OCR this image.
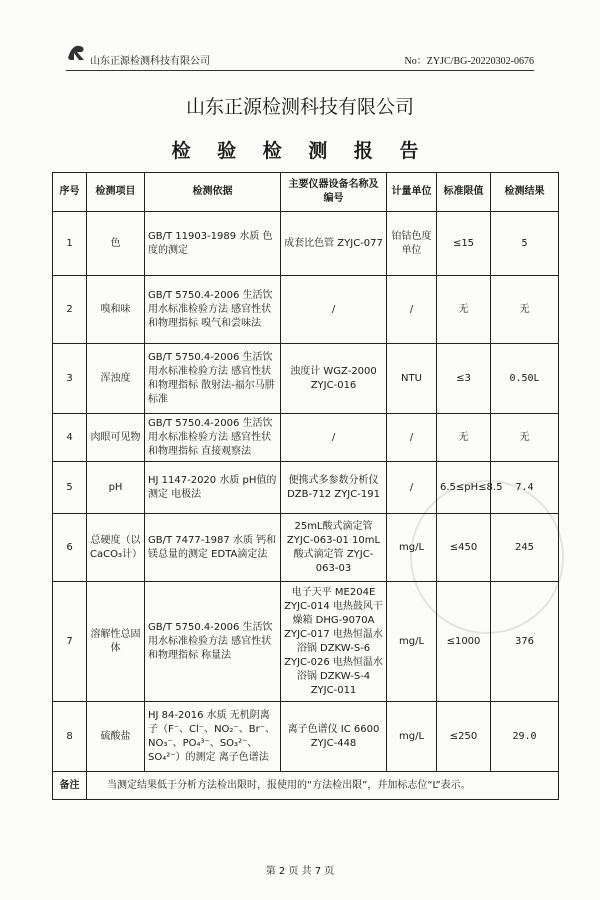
山东正源检测科技有限公司	No：ZYJC/BG-20220302-0676
山东正源检测科技有限公司
检 验 检 测 报 告
序号	检测项目	检测依据	主要仪器设备名称及编号	计量单位	标准限值	检测结果
1	色	GB/T 11903-1989 水质 色度的测定	成套比色管 ZYJC-077	铂钴色度单位	≤15	5
2	嗅和味	GB/T 5750.4-2006 生活饮用水标准检验方法 感官性状和物理指标 嗅气和尝味法	/	/	无	无
3	浑浊度	GB/T 5750.4-2006 生活饮用水标准检验方法 感官性状和物理指标 散射法-福尔马肼标准	浊度计 WGZ-2000 ZYJC-016	NTU	≤3	0.50L
4	肉眼可见物	GB/T 5750.4-2006 生活饮用水标准检验方法 感官性状和物理指标 直接观察法	/	/	无	无
5	pH	HJ 1147-2020 水质 pH值的测定 电极法	便携式多参数分析仪 DZB-712 ZYJC-191	/	6.5≤pH≤8.5	7.4
6	总硬度（以CaCO₃计）	GB/T 7477-1987 水质 钙和镁总量的测定 EDTA滴定法	25mL酸式滴定管 ZYJC-063-01 10mL酸式滴定管 ZYJC-063-03	mg/L	≤450	245
7	溶解性总固体	GB/T 5750.4-2006 生活饮用水标准检验方法 感官性状和物理指标 称量法	电子天平 ME204E ZYJC-014 电热鼓风干燥箱 DHG-9070A ZYJC-017 电热恒温水浴锅 DZKW-S-6 ZYJC-026 电热恒温水浴锅 DZKW-S-4 ZYJC-011	mg/L	≤1000	376
8	硫酸盐	HJ 84-2016 水质 无机阴离子（F⁻、Cl⁻、NO₂⁻、Br⁻、NO₃⁻、PO₄³⁻、SO₃²⁻、SO₄²⁻）的测定 离子色谱法	离子色谱仪 IC 6600 ZYJC-448	mg/L	≤250	29.0
备注	当测定结果低于分析方法检出限时，报使用的“方法检出限”，并加标志位“L”表示。					
第 2 页 共 7 页
